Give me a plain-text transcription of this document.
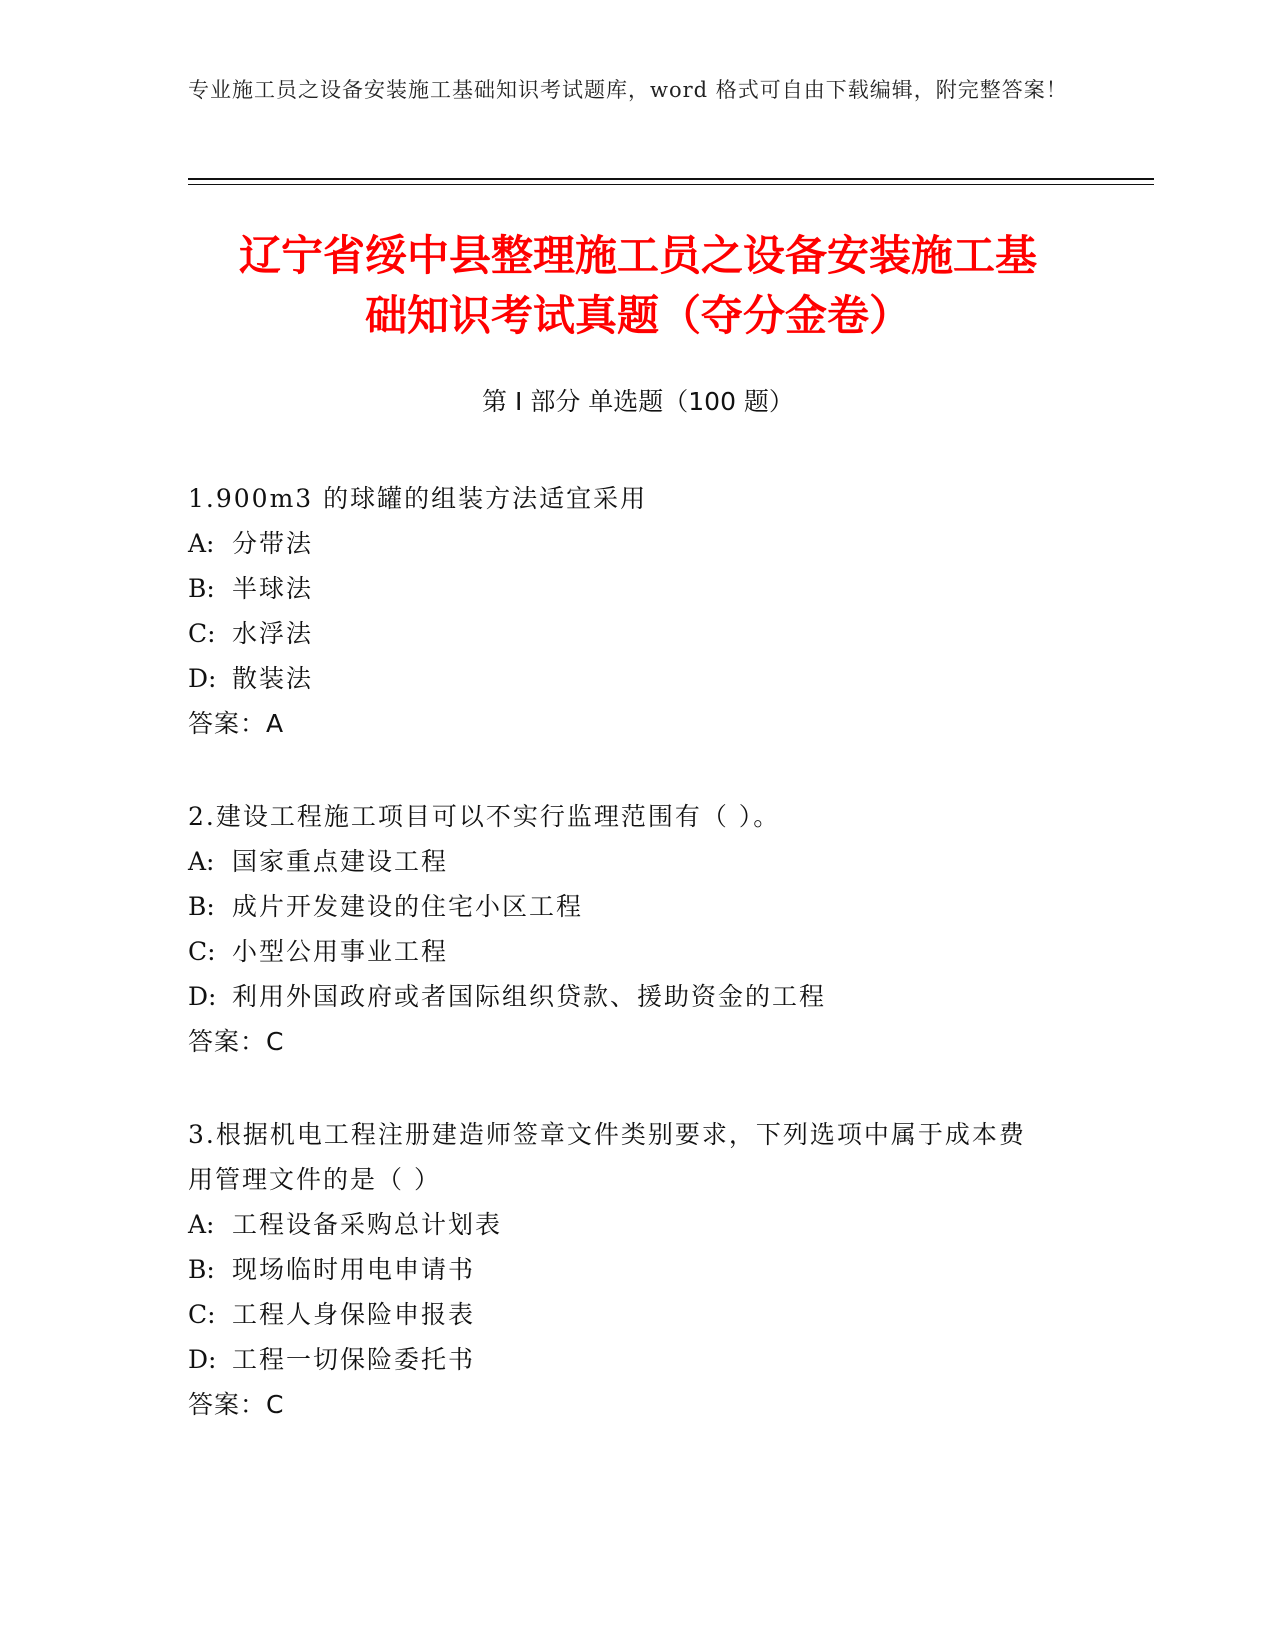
专业施工员之设备安装施工基础知识考试题库，word 格式可自由下载编辑，附完整答案！
辽宁省绥中县整理施工员之设备安装施工基
础知识考试真题（夺分金卷）
第 I 部分 单选题（100 题）
1.900m3 的球罐的组装方法适宜采用
A: 分带法
B: 半球法
C: 水浮法
D: 散装法
答案：A
2.建设工程施工项目可以不实行监理范围有（ ）。
A: 国家重点建设工程
B: 成片开发建设的住宅小区工程
C: 小型公用事业工程
D: 利用外国政府或者国际组织贷款、援助资金的工程
答案：C
3.根据机电工程注册建造师签章文件类别要求，下列选项中属于成本费用管理文件的是（ ）
A: 工程设备采购总计划表
B: 现场临时用电申请书
C: 工程人身保险申报表
D: 工程一切保险委托书
答案：C
